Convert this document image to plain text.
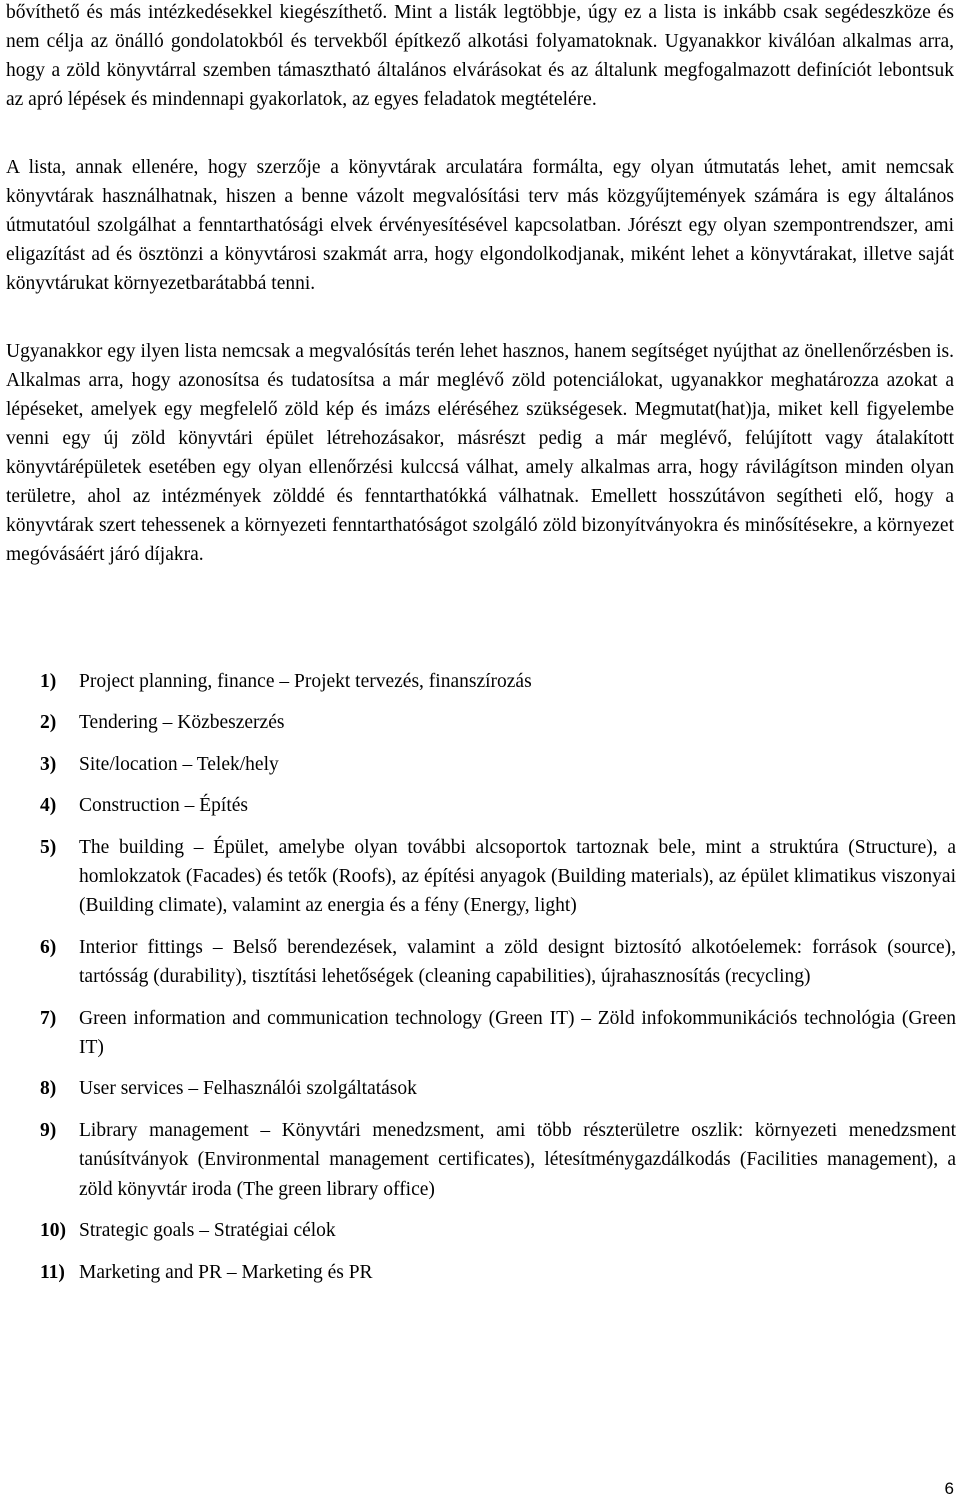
bővíthető és más intézkedésekkel kiegészíthető. Mint a listák legtöbbje, úgy ez a lista is inkább csak segédeszköze és nem célja az önálló gondolatokból és tervekből építkező alkotási folyamatoknak. Ugyanakkor kiválóan alkalmas arra, hogy a zöld könyvtárral szemben támasztható általános elvárásokat és az általunk megfogalmazott definíciót lebontsuk az apró lépések és mindennapi gyakorlatok, az egyes feladatok megtételére.

A lista, annak ellenére, hogy szerzője a könyvtárak arculatára formálta, egy olyan útmutatás lehet, amit nemcsak könyvtárak használhatnak, hiszen a benne vázolt megvalósítási terv más közgyűjtemények számára is egy általános útmutatóul szolgálhat a fenntarthatósági elvek érvényesítésével kapcsolatban. Jórészt egy olyan szempontrendszer, ami eligazítást ad és ösztönzi a könyvtárosi szakmát arra, hogy elgondolkodjanak, miként lehet a könyvtárakat, illetve saját könyvtárukat környezetbarátabbá tenni.

Ugyanakkor egy ilyen lista nemcsak a megvalósítás terén lehet hasznos, hanem segítséget nyújthat az önellenőrzésben is. Alkalmas arra, hogy azonosítsa és tudatosítsa a már meglévő zöld potenciálokat, ugyanakkor meghatározza azokat a lépéseket, amelyek egy megfelelő zöld kép és imázs eléréséhez szükségesek. Megmutat(hat)ja, miket kell figyelembe venni egy új zöld könyvtári épület létrehozásakor, másrészt pedig a már meglévő, felújított vagy átalakított könyvtárépületek esetében egy olyan ellenőrzési kulccsá válhat, amely alkalmas arra, hogy rávilágítson minden olyan területre, ahol az intézmények zölddé és fenntarthatókká válhatnak. Emellett hosszútávon segítheti elő, hogy a könyvtárak szert tehessenek a környezeti fenntarthatóságot szolgáló zöld bizonyítványokra és minősítésekre, a környezet megóvásáért járó díjakra.

1)	Project planning, finance – Projekt tervezés, finanszírozás
2)	Tendering – Közbeszerzés
3)	Site/location – Telek/hely
4)	Construction – Építés
5)	The building – Épület, amelybe olyan további alcsoportok tartoznak bele, mint a struktúra (Structure), a homlokzatok (Facades) és tetők (Roofs), az építési anyagok (Building materials), az épület klimatikus viszonyai (Building climate), valamint az energia és a fény (Energy, light)
6)	Interior fittings – Belső berendezések, valamint a zöld designt biztosító alkotóelemek: források (source), tartósság (durability), tisztítási lehetőségek (cleaning capabilities), újrahasznosítás (recycling)
7)	Green information and communication technology (Green IT) – Zöld infokommunikációs technológia (Green IT)
8)	User services – Felhasználói szolgáltatások
9)	Library management – Könyvtári menedzsment, ami több részterületre oszlik: környezeti menedzsment tanúsítványok (Environmental management certificates), létesítménygazdálkodás (Facilities management), a zöld könyvtár iroda (The green library office)
10) Strategic goals – Stratégiai célok
11) Marketing and PR – Marketing és PR
6
